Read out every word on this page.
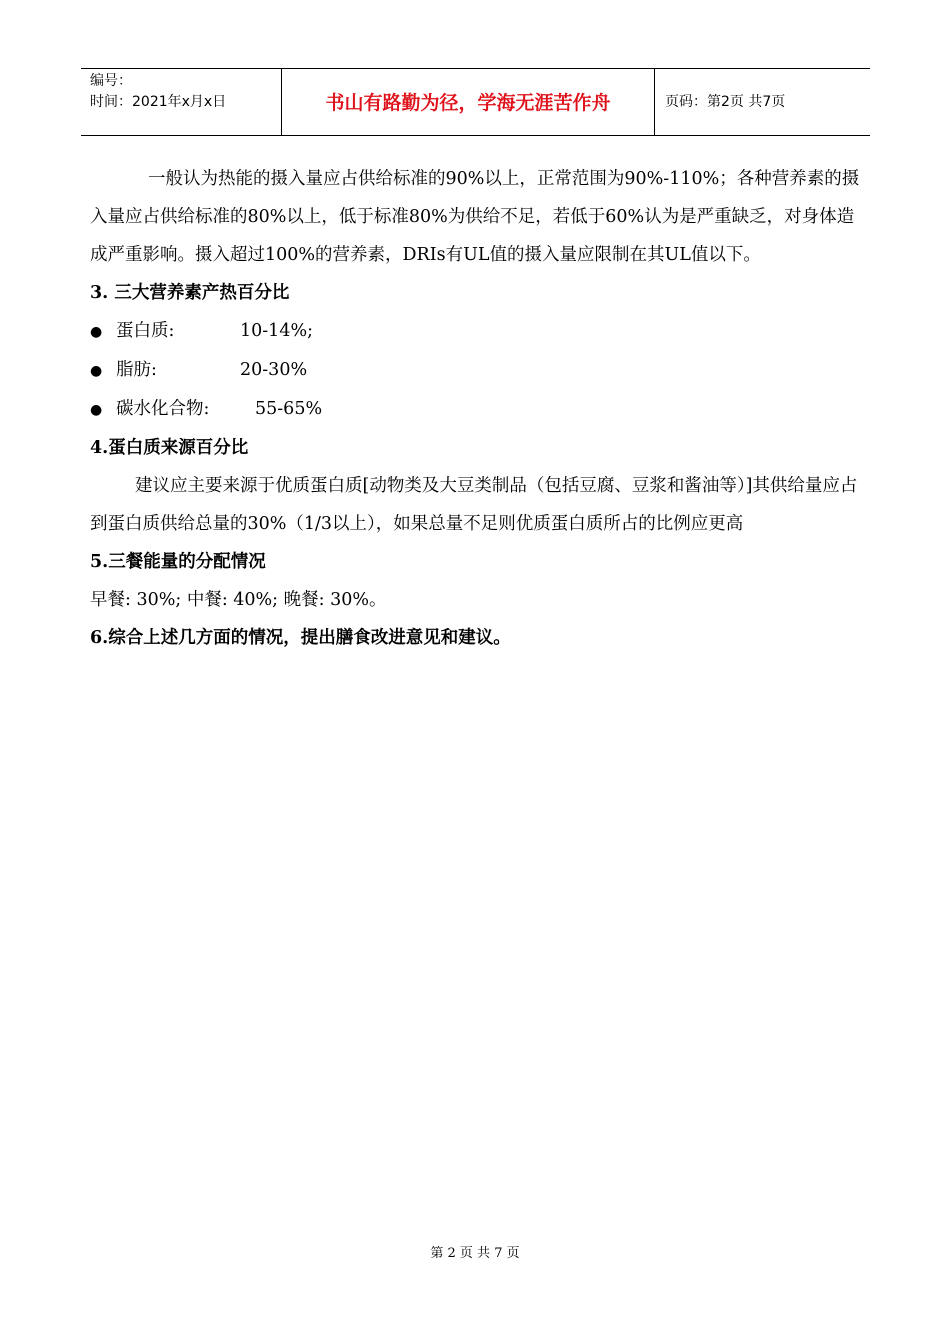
编号：
时间：2021年x月x日	书山有路勤为径，学海无涯苦作舟	页码：第2页 共7页

一般认为热能的摄入量应占供给标准的90%以上，正常范围为90%-110%；各种营养素的摄入量应占供给标准的80%以上，低于标准80%为供给不足，若低于60%认为是严重缺乏，对身体造成严重影响。摄入超过100%的营养素，DRIs有UL值的摄入量应限制在其UL值以下。

3. 三大营养素产热百分比

● 蛋白质:	10-14%;
● 脂肪:	20-30%
● 碳水化合物:	55-65%

4.蛋白质来源百分比

建议应主要来源于优质蛋白质[动物类及大豆类制品（包括豆腐、豆浆和酱油等）]其供给量应占到蛋白质供给总量的30%（1/3以上），如果总量不足则优质蛋白质所占的比例应更高

5.三餐能量的分配情况

早餐: 30%; 中餐: 40%; 晚餐: 30%。

6.综合上述几方面的情况，提出膳食改进意见和建议。

第 2 页 共 7 页
